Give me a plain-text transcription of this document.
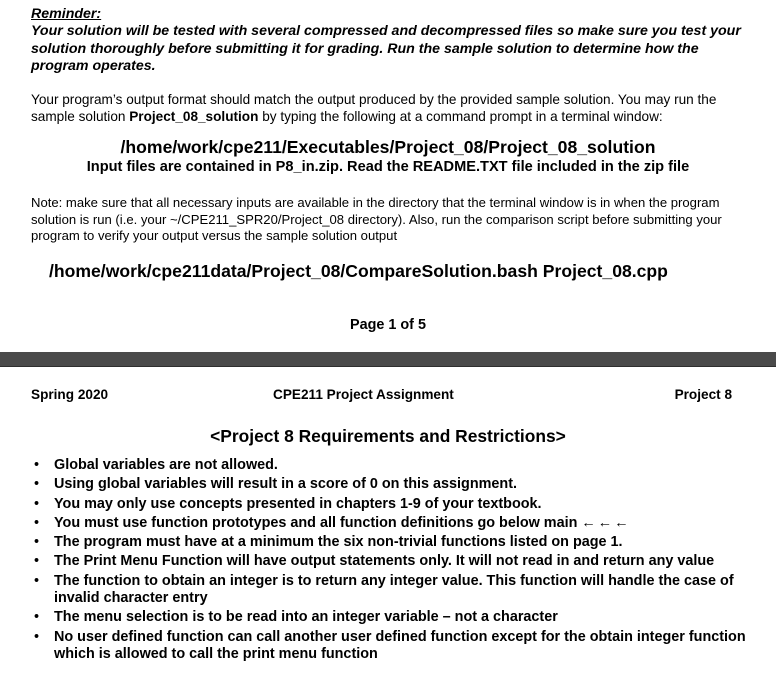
Reminder:
Your solution will be tested with several compressed and decompressed files so make sure you test your solution thoroughly before submitting it for grading. Run the sample solution to determine how the program operates.
Your program’s output format should match the output produced by the provided sample solution. You may run the sample solution Project_08_solution by typing the following at a command prompt in a terminal window:
/home/work/cpe211/Executables/Project_08/Project_08_solution
Input files are contained in P8_in.zip. Read the README.TXT file included in the zip file
Note: make sure that all necessary inputs are available in the directory that the terminal window is in when the program solution is run (i.e. your ~/CPE211_SPR20/Project_08 directory). Also, run the comparison script before submitting your program to verify your output versus the sample solution output
/home/work/cpe211data/Project_08/CompareSolution.bash Project_08.cpp
Page 1 of 5
Spring 2020	CPE211 Project Assignment	Project 8
<Project 8 Requirements and Restrictions>
• Global variables are not allowed.
• Using global variables will result in a score of 0 on this assignment.
• You may only use concepts presented in chapters 1-9 of your textbook.
• You must use function prototypes and all function definitions go below main ←←←
• The program must have at a minimum the six non-trivial functions listed on page 1.
• The Print Menu Function will have output statements only. It will not read in and return any value
• The function to obtain an integer is to return any integer value. This function will handle the case of invalid character entry
• The menu selection is to be read into an integer variable – not a character
• No user defined function can call another user defined function except for the obtain integer function which is allowed to call the print menu function
